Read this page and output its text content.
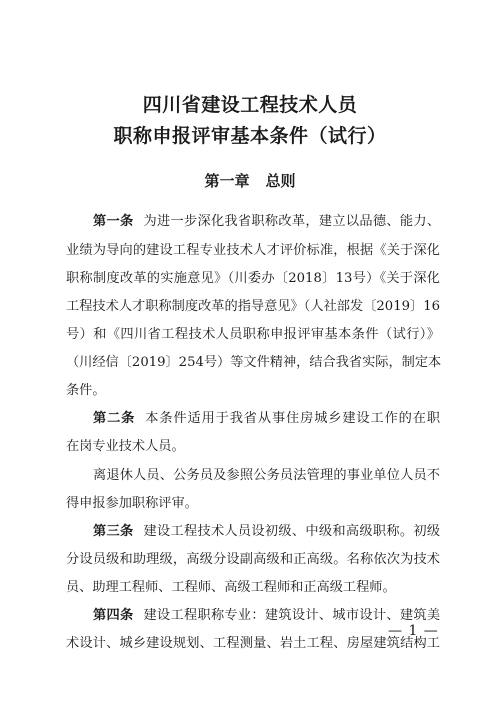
四川省建设工程技术人员
职称申报评审基本条件（试行）
第一章 总则
第一条 为进一步深化我省职称改革，建立以品德、能力、
业绩为导向的建设工程专业技术人才评价标准，根据《关于深化
职称制度改革的实施意见》（川委办〔2018〕13号）《关于深化
工程技术人才职称制度改革的指导意见》（人社部发〔2019〕16
号）和《四川省工程技术人员职称申报评审基本条件（试行）》
（川经信〔2019〕254号）等文件精神，结合我省实际，制定本
条件。
第二条 本条件适用于我省从事住房城乡建设工作的在职
在岗专业技术人员。
离退休人员、公务员及参照公务员法管理的事业单位人员不
得申报参加职称评审。
第三条 建设工程技术人员设初级、中级和高级职称。初级
分设员级和助理级，高级分设副高级和正高级。名称依次为技术
员、助理工程师、工程师、高级工程师和正高级工程师。
第四条 建设工程职称专业：建筑设计、城市设计、建筑美
术设计、城乡建设规划、工程测量、岩土工程、房屋建筑结构工
— 1 —
